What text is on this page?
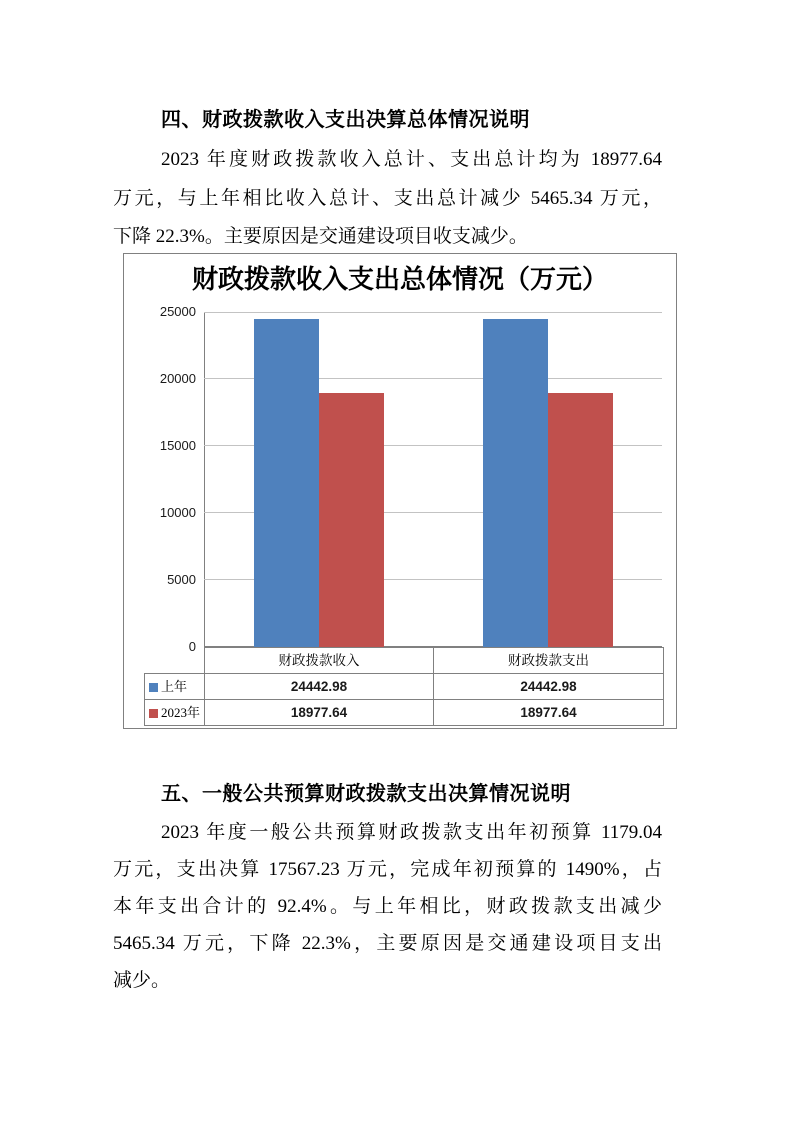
四、财政拨款收入支出决算总体情况说明
2023 年度财政拨款收入总计、支出总计均为 18977.64
万元，与上年相比收入总计、支出总计减少 5465.34 万元，
下降 22.3%。主要原因是交通建设项目收支减少。
财政拨款收入支出总体情况（万元）
0
5000
10000
15000
20000
25000
	财政拨款收入	财政拨款支出
上年	24442.98	24442.98
2023年	18977.64	18977.64
五、一般公共预算财政拨款支出决算情况说明
2023 年度一般公共预算财政拨款支出年初预算 1179.04
万元，支出决算 17567.23 万元，完成年初预算的 1490%，占
本年支出合计的 92.4%。与上年相比，财政拨款支出减少
5465.34 万元，下降 22.3%，主要原因是交通建设项目支出
减少。
